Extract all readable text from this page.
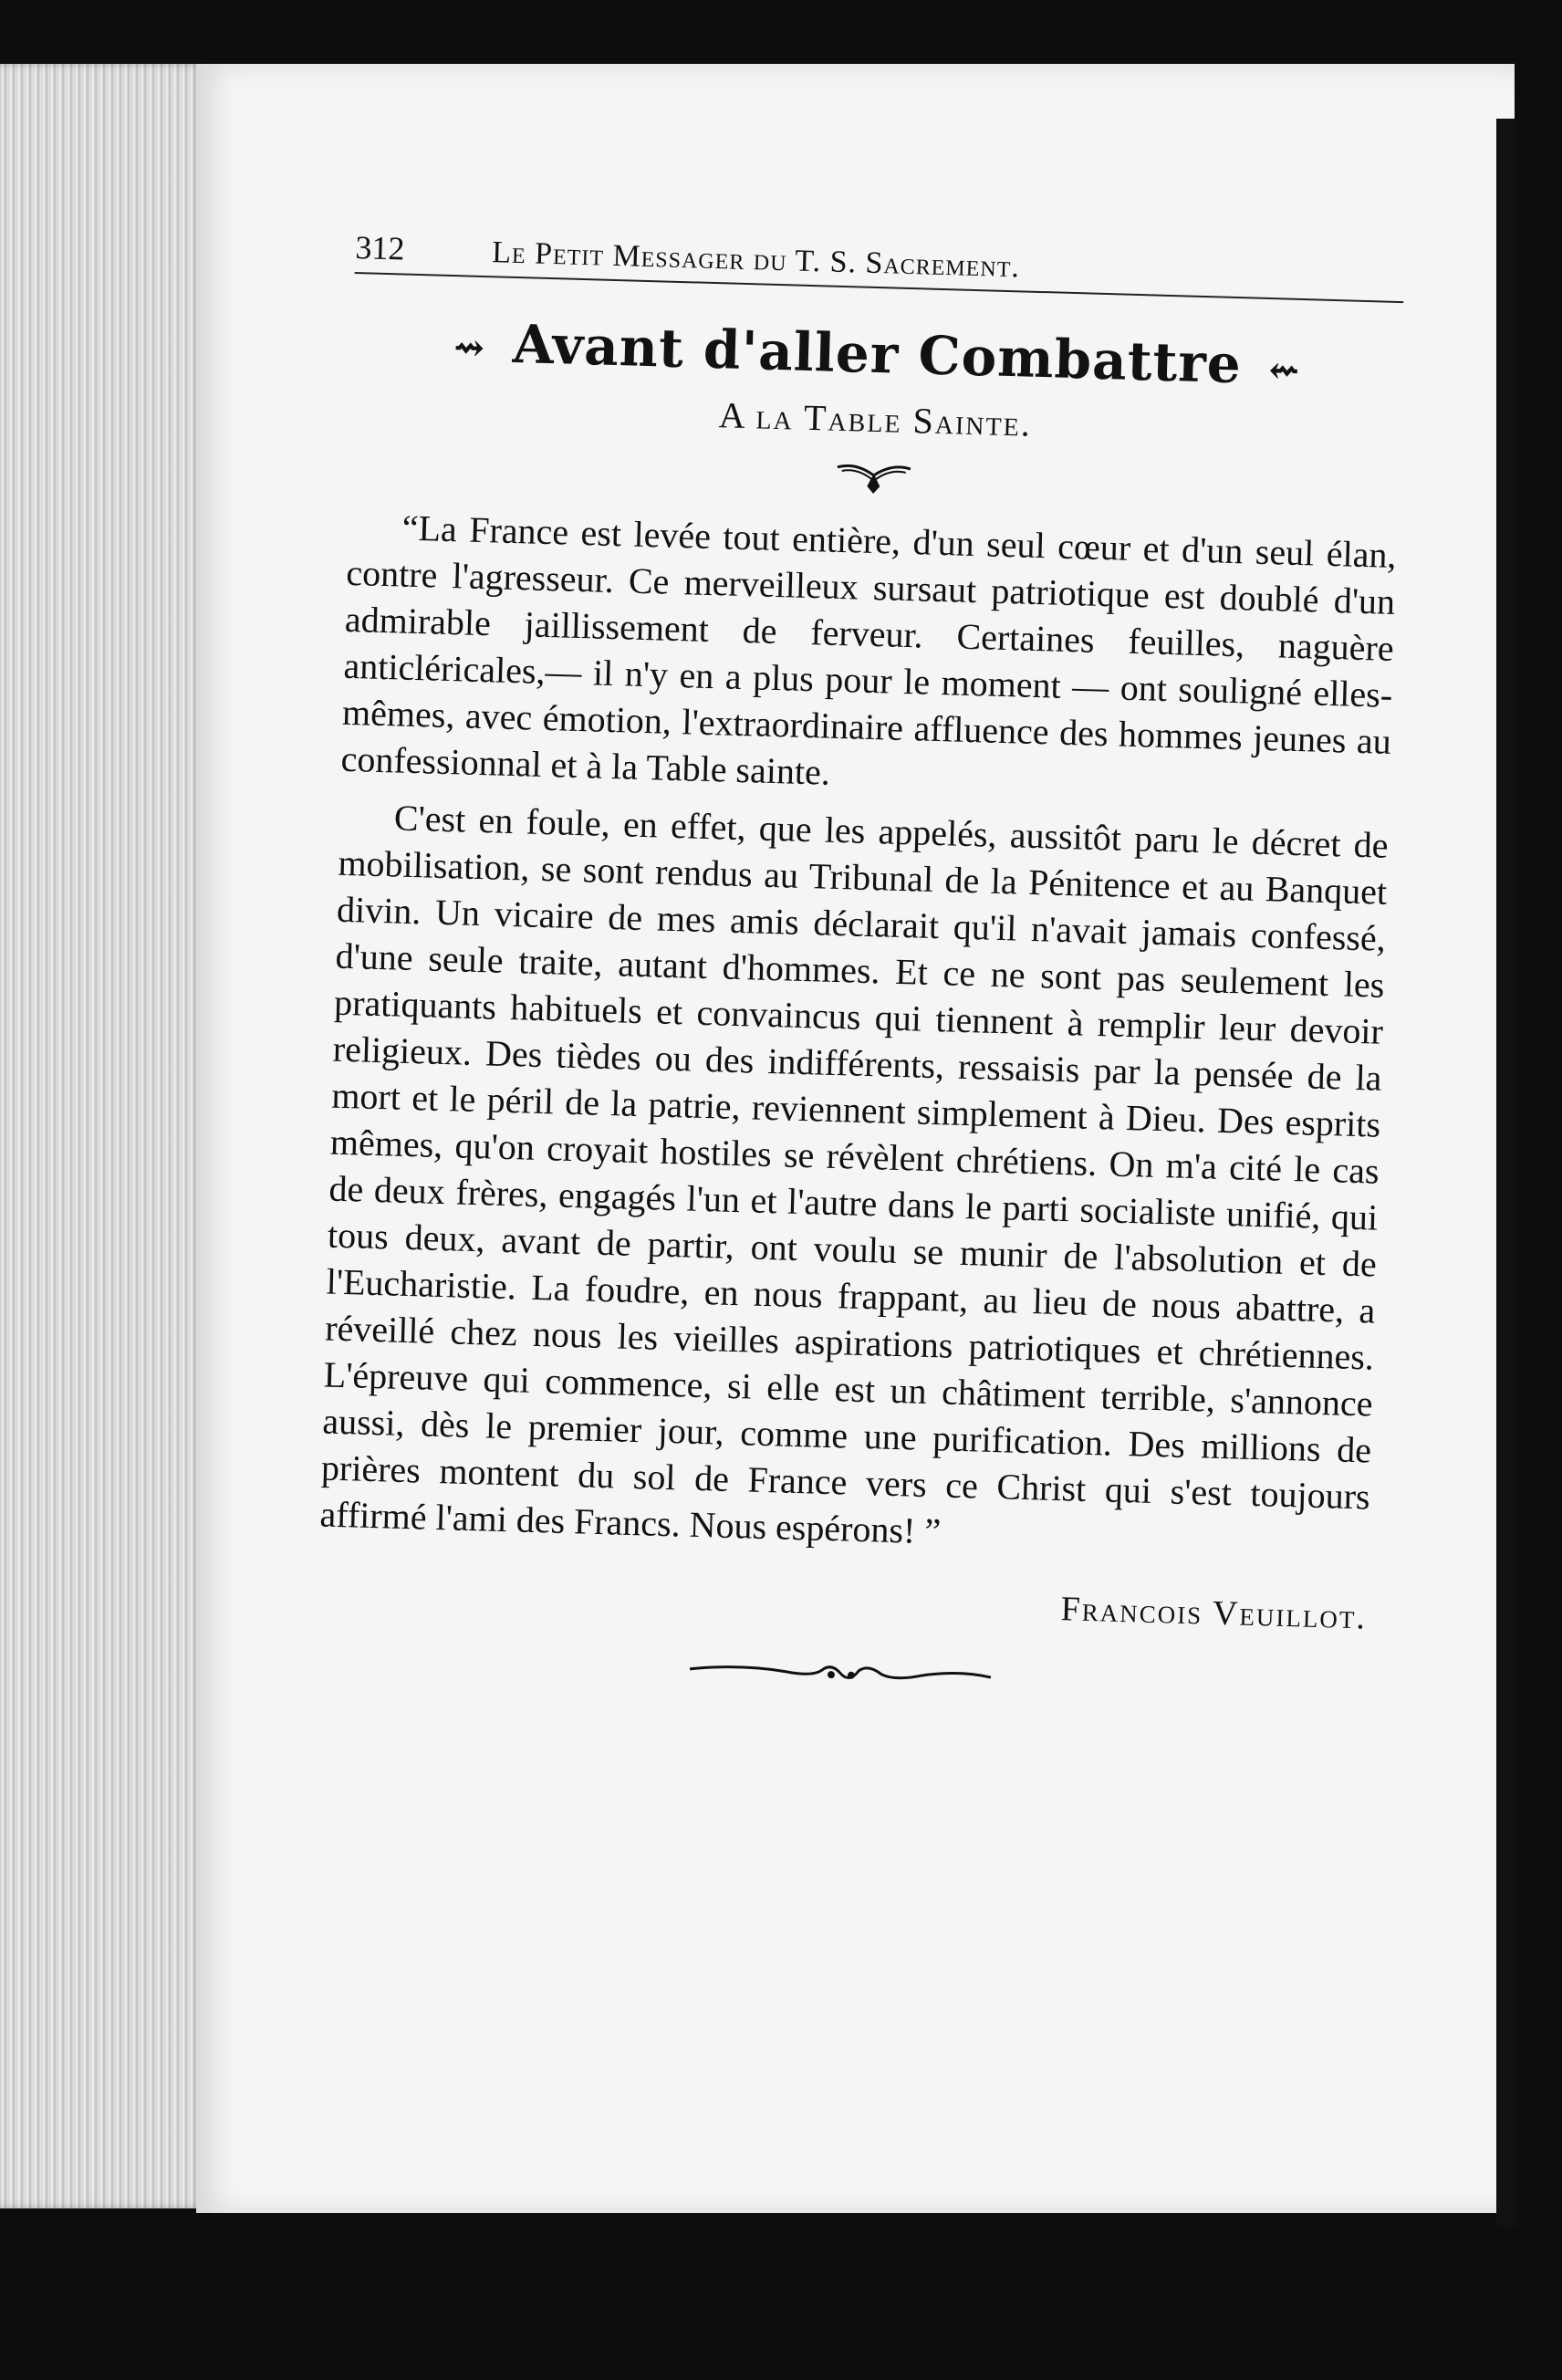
312	Le Petit Messager du T. S. Sacrement.
⇝ Avant d'aller Combattre ⇜
A la Table Sainte.

“La France est levée tout entière, d'un seul cœur et d'un seul élan, contre l'agresseur. Ce merveilleux sursaut patriotique est doublé d'un admirable jaillissement de ferveur. Certaines feuilles, naguère anticléricales,— il n'y en a plus pour le moment — ont souligné elles-mêmes, avec émotion, l'extraordinaire affluence des hommes jeunes au confessionnal et à la Table sainte.

C'est en foule, en effet, que les appelés, aussitôt paru le décret de mobilisation, se sont rendus au Tribunal de la Pénitence et au Banquet divin. Un vicaire de mes amis déclarait qu'il n'avait jamais confessé, d'une seule traite, autant d'hommes. Et ce ne sont pas seulement les pratiquants habituels et convaincus qui tiennent à remplir leur devoir religieux. Des tièdes ou des indifférents, ressaisis par la pensée de la mort et le péril de la patrie, reviennent simplement à Dieu. Des esprits mêmes, qu'on croyait hostiles se révèlent chrétiens. On m'a cité le cas de deux frères, engagés l'un et l'autre dans le parti socialiste unifié, qui tous deux, avant de partir, ont voulu se munir de l'absolution et de l'Eucharistie. La foudre, en nous frappant, au lieu de nous abattre, a réveillé chez nous les vieilles aspirations patriotiques et chrétiennes. L'épreuve qui commence, si elle est un châtiment terrible, s'annonce aussi, dès le premier jour, comme une purification. Des millions de prières montent du sol de France vers ce Christ qui s'est toujours affirmé l'ami des Francs. Nous espérons! ”

Francois Veuillot.
